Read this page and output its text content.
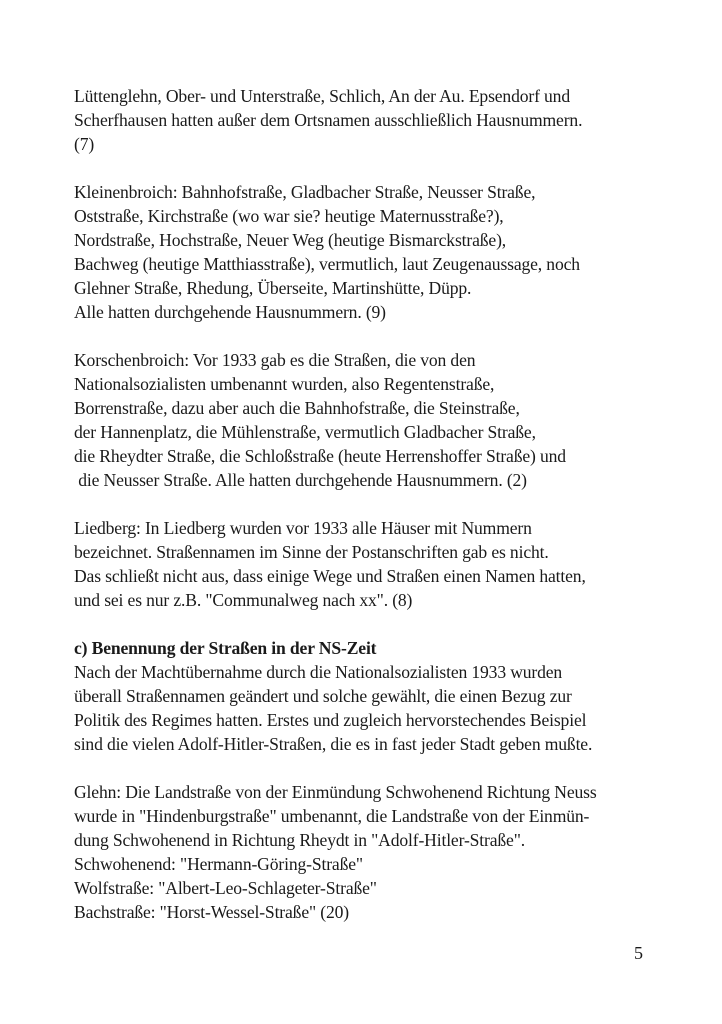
Lüttenglehn, Ober- und Unterstraße, Schlich, An der Au. Epsendorf und
Scherfhausen hatten außer dem Ortsnamen ausschließlich Hausnummern.
(7)
Kleinenbroich: Bahnhofstraße, Gladbacher Straße, Neusser Straße,
Oststraße, Kirchstraße (wo war sie? heutige Maternusstraße?),
Nordstraße, Hochstraße, Neuer Weg (heutige Bismarckstraße),
Bachweg (heutige Matthiasstraße), vermutlich, laut Zeugenaussage, noch
Glehner Straße, Rhedung, Überseite, Martinshütte, Düpp.
Alle hatten durchgehende Hausnummern. (9)
Korschenbroich: Vor 1933 gab es die Straßen, die von den
Nationalsozialisten umbenannt wurden, also Regentenstraße,
Borrenstraße, dazu aber auch die Bahnhofstraße, die Steinstraße,
der Hannenplatz, die Mühlenstraße, vermutlich Gladbacher Straße,
die Rheydter Straße, die Schloßstraße (heute Herrenshoffer Straße) und
die Neusser Straße. Alle hatten durchgehende Hausnummern. (2)
Liedberg: In Liedberg wurden vor 1933 alle Häuser mit Nummern
bezeichnet. Straßennamen im Sinne der Postanschriften gab es nicht.
Das schließt nicht aus, dass einige Wege und Straßen einen Namen hatten,
und sei es nur z.B. "Communalweg nach xx". (8)
c) Benennung der Straßen in der NS-Zeit
Nach der Machtübernahme durch die Nationalsozialisten 1933 wurden
überall Straßennamen geändert und solche gewählt, die einen Bezug zur
Politik des Regimes hatten. Erstes und zugleich hervorstechendes Beispiel
sind die vielen Adolf-Hitler-Straßen, die es in fast jeder Stadt geben mußte.
Glehn: Die Landstraße von der Einmündung Schwohenend Richtung Neuss
wurde in "Hindenburgstraße" umbenannt, die Landstraße von der Einmün-
dung Schwohenend in Richtung Rheydt in "Adolf-Hitler-Straße".
Schwohenend: "Hermann-Göring-Straße"
Wolfstraße: "Albert-Leo-Schlageter-Straße"
Bachstraße: "Horst-Wessel-Straße" (20)
5
